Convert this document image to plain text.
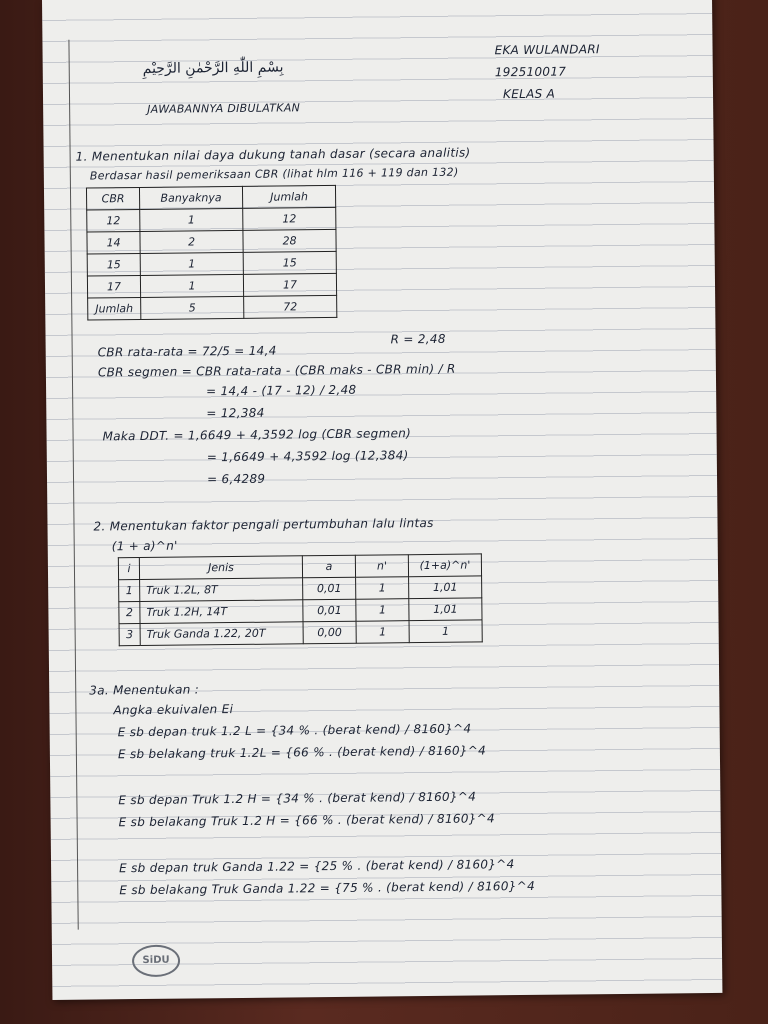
بِسْمِ اللّٰهِ الرَّحْمٰنِ الرَّحِيْمِ
EKA WULANDARI
192510017
KELAS A
JAWABANNYA DIBULATKAN
1. Menentukan nilai daya dukung tanah dasar (secara analitis)
Berdasar hasil pemeriksaan CBR (lihat hlm 116 + 119 dan 132)
CBR	Banyaknya	Jumlah
12	1	12
14	2	28
15	1	15
17	1	17
Jumlah	5	72
CBR rata-rata = 72/5 = 14,4
R = 2,48
CBR segmen = CBR rata-rata - (CBR maks - CBR min) / R
= 14,4 - (17 - 12) / 2,48
= 12,384
Maka DDT. = 1,6649 + 4,3592 log (CBR segmen)
= 1,6649 + 4,3592 log (12,384)
= 6,4289
2. Menentukan faktor pengali pertumbuhan lalu lintas
(1 + a)^n'
i	Jenis	a	n'	(1+a)^n'
1	Truk 1.2L, 8T	0,01	1	1,01
2	Truk 1.2H, 14T	0,01	1	1,01
3	Truk Ganda 1.22, 20T	0,00	1	1
3a. Menentukan :
Angka ekuivalen Ei
E sb depan truk 1.2 L = {34 % . (berat kend) / 8160}^4
E sb belakang truk 1.2L = {66 % . (berat kend) / 8160}^4
E sb depan Truk 1.2 H = {34 % . (berat kend) / 8160}^4
E sb belakang Truk 1.2 H = {66 % . (berat kend) / 8160}^4
E sb depan truk Ganda 1.22 = {25 % . (berat kend) / 8160}^4
E sb belakang Truk Ganda 1.22 = {75 % . (berat kend) / 8160}^4
SiDU
